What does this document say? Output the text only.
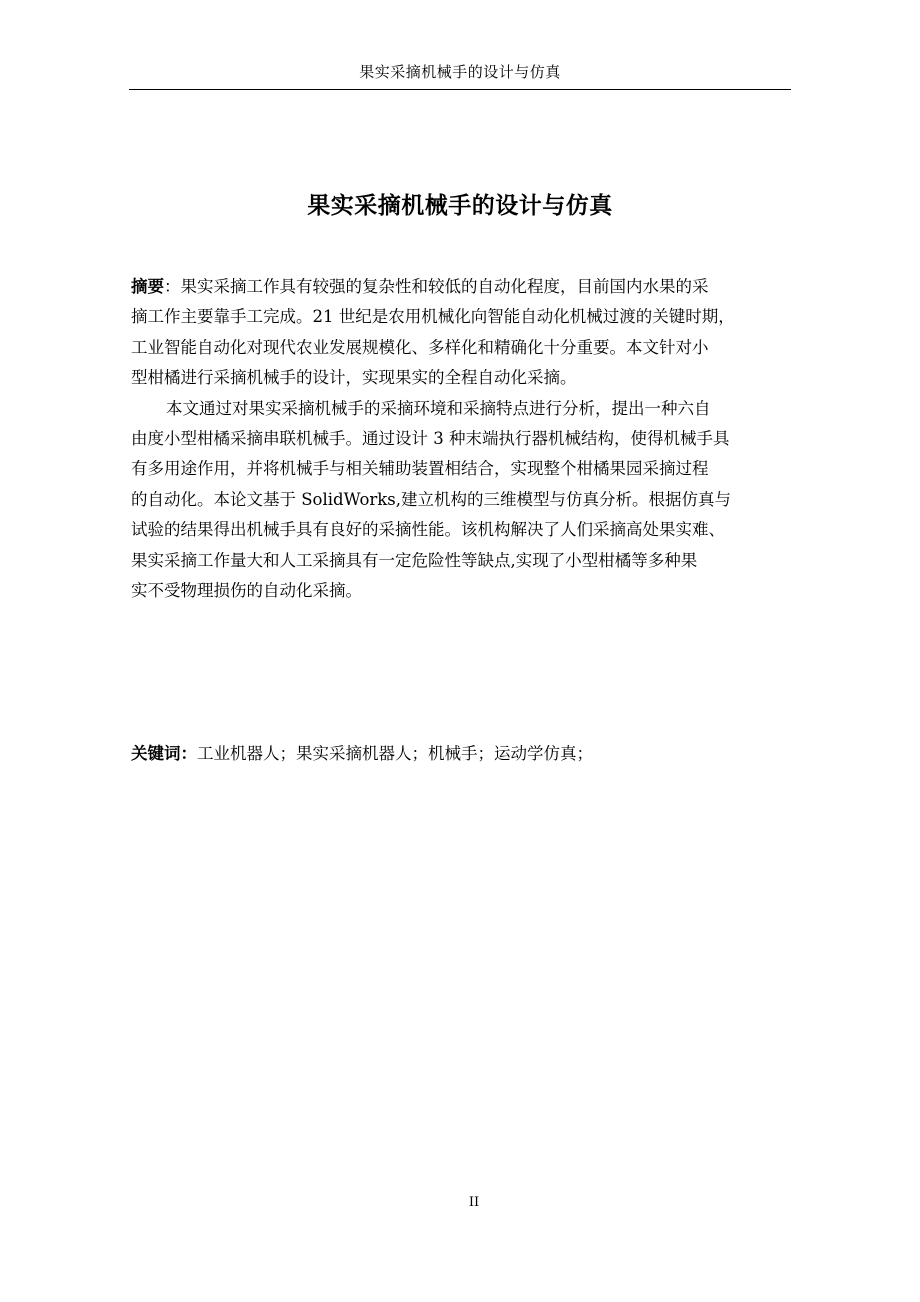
果实采摘机械手的设计与仿真
果实采摘机械手的设计与仿真
摘要：果实采摘工作具有较强的复杂性和较低的自动化程度，目前国内水果的采
摘工作主要靠手工完成。21 世纪是农用机械化向智能自动化机械过渡的关键时期，
工业智能自动化对现代农业发展规模化、多样化和精确化十分重要。本文针对小
型柑橘进行采摘机械手的设计，实现果实的全程自动化采摘。
本文通过对果实采摘机械手的采摘环境和采摘特点进行分析，提出一种六自
由度小型柑橘采摘串联机械手。通过设计 3 种末端执行器机械结构，使得机械手具
有多用途作用，并将机械手与相关辅助装置相结合，实现整个柑橘果园采摘过程
的自动化。本论文基于 SolidWorks,建立机构的三维模型与仿真分析。根据仿真与
试验的结果得出机械手具有良好的采摘性能。该机构解决了人们采摘高处果实难、
果实采摘工作量大和人工采摘具有一定危险性等缺点,实现了小型柑橘等多种果
实不受物理损伤的自动化采摘。
关键词：工业机器人；果实采摘机器人；机械手；运动学仿真；
II
